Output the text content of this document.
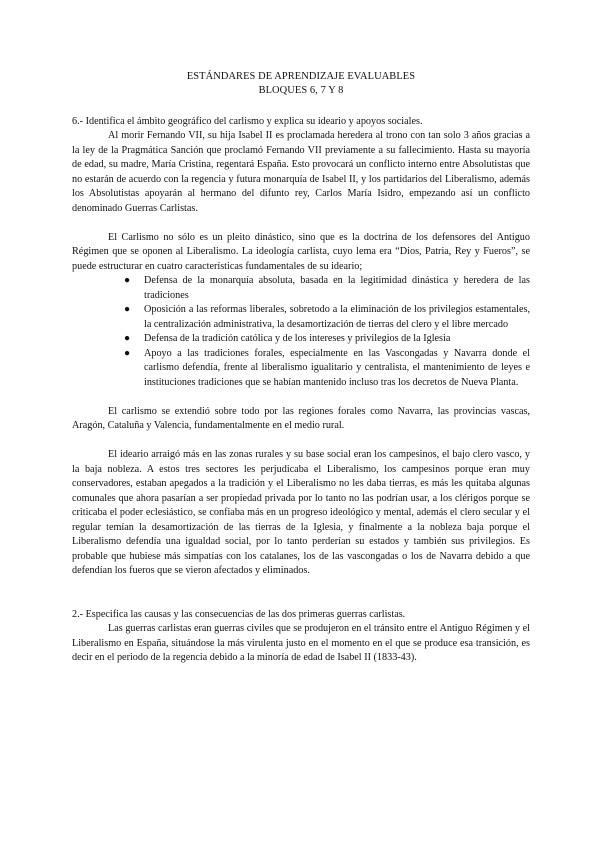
ESTÁNDARES DE APRENDIZAJE EVALUABLES
BLOQUES 6, 7 Y 8

6.- Identifica el ámbito geográfico del carlismo y explica su ideario y apoyos sociales.

Al morir Fernando VII, su hija Isabel II es proclamada heredera al trono con tan solo 3 años gracias a la ley de la Pragmática Sanción que proclamó Fernando VII previamente a su fallecimiento. Hasta su mayoría de edad, su madre, María Cristina, regentará España. Esto provocará un conflicto interno entre Absolutistas que no estarán de acuerdo con la regencia y futura monarquía de Isabel II, y los partidarios del Liberalismo, además los Absolutistas apoyarán al hermano del difunto rey, Carlos María Isidro, empezando así un conflicto denominado Guerras Carlistas.

El Carlismo no sólo es un pleito dinástico, sino que es la doctrina de los defensores del Antiguo Régimen que se oponen al Liberalismo. La ideología carlista, cuyo lema era “Dios, Patria, Rey y Fueros”, se puede estructurar en cuatro características fundamentales de su ideario;

● Defensa de la monarquía absoluta, basada en la legitimidad dinástica y heredera de las tradiciones
● Oposición a las reformas liberales, sobretodo a la eliminación de los privilegios estamentales, la centralización administrativa, la desamortización de tierras del clero y el libre mercado
● Defensa de la tradición católica y de los intereses y privilegios de la Iglesia
● Apoyo a las tradiciones forales, especialmente en las Vascongadas y Navarra donde el carlismo defendía, frente al liberalismo igualitario y centralista, el mantenimiento de leyes e instituciones tradiciones que se habían mantenido incluso tras los decretos de Nueva Planta.

El carlismo se extendió sobre todo por las regiones forales como Navarra, las provincias vascas, Aragón, Cataluña y Valencia, fundamentalmente en el medio rural.

El ideario arraigó más en las zonas rurales y su base social eran los campesinos, el bajo clero vasco, y la baja nobleza. A estos tres sectores les perjudicaba el Liberalismo, los campesinos porque eran muy conservadores, estaban apegados a la tradición y el Liberalismo no les daba tierras, es más les quitaba algunas comunales que ahora pasarían a ser propiedad privada por lo tanto no las podrían usar, a los clérigos porque se criticaba el poder eclesiástico, se confiaba más en un progreso ideológico y mental, además el clero secular y el regular temían la desamortización de las tierras de la Iglesia, y finalmente a la nobleza baja porque el Liberalismo defendía una igualdad social, por lo tanto perderían su estados y también sus privilegios. Es probable que hubiese más simpatías con los catalanes, los de las vascongadas o los de Navarra debido a que defendían los fueros que se vieron afectados y eliminados.

2.- Especifica las causas y las consecuencias de las dos primeras guerras carlistas.

Las guerras carlistas eran guerras civiles que se produjeron en el tránsito entre el Antiguo Régimen y el Liberalismo en España, situándose la más virulenta justo en el momento en el que se produce esa transición, es decir en el periodo de la regencia debido a la minoría de edad de Isabel II (1833-43).
